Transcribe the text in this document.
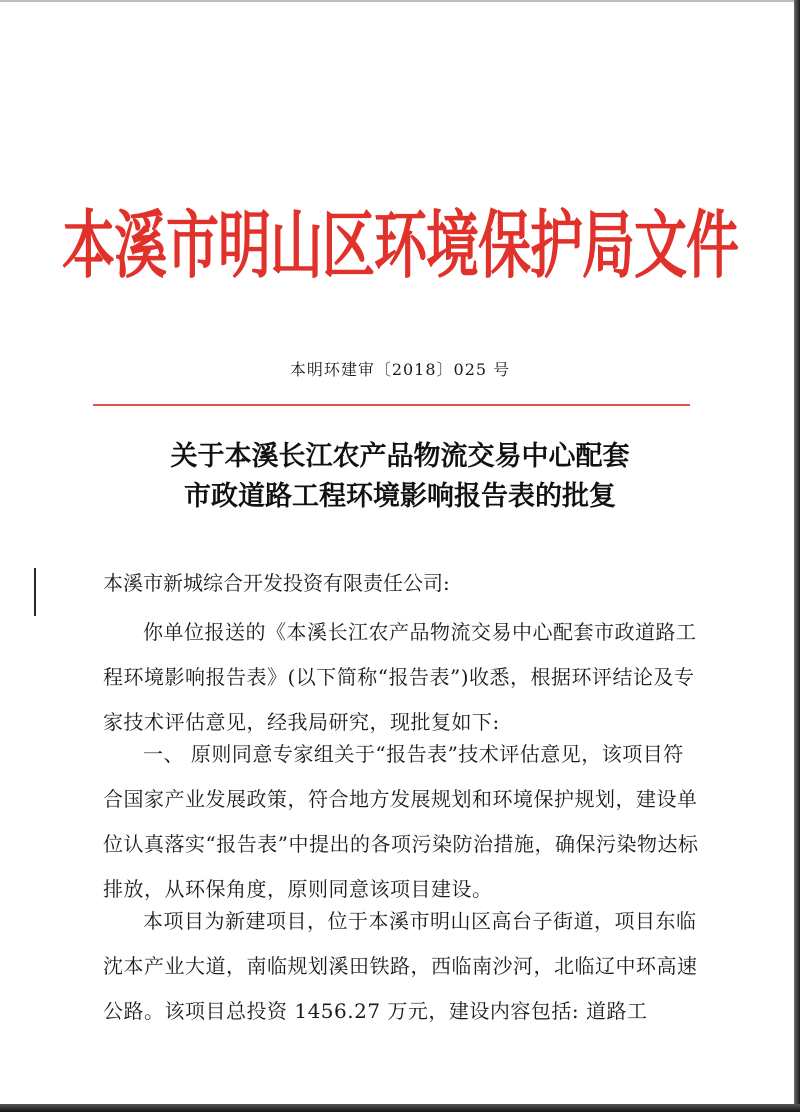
本溪市明山区环境保护局文件
本明环建审〔2018〕025 号
关于本溪长江农产品物流交易中心配套
市政道路工程环境影响报告表的批复
本溪市新城综合开发投资有限责任公司:
你单位报送的《本溪长江农产品物流交易中心配套市政道路工程环境影响报告表》(以下简称“报告表”)收悉，根据环评结论及专家技术评估意见，经我局研究，现批复如下:
一、 原则同意专家组关于“报告表”技术评估意见，该项目符合国家产业发展政策，符合地方发展规划和环境保护规划，建设单位认真落实“报告表”中提出的各项污染防治措施，确保污染物达标排放，从环保角度，原则同意该项目建设。
本项目为新建项目，位于本溪市明山区高台子街道，项目东临沈本产业大道，南临规划溪田铁路，西临南沙河，北临辽中环高速公路。该项目总投资 1456.27 万元，建设内容包括: 道路工
